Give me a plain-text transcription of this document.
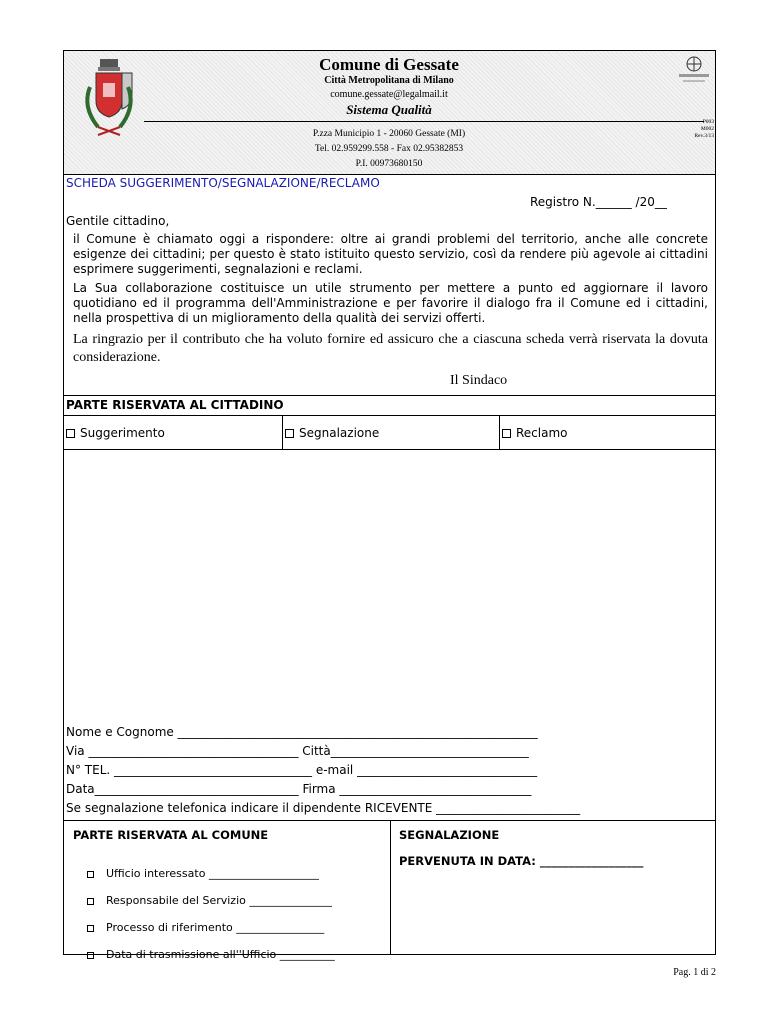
Comune di Gessate
Città Metropolitana di Milano
comune.gessate@legalmail.it
Sistema Qualità
P.zza Municipio 1 - 20060 Gessate (MI)
Tel. 02.959299.558 - Fax 02.95382853
P.I. 00973680150
P003
M002
Rev.3/13
SCHEDA SUGGERIMENTO/SEGNALAZIONE/RECLAMO
Registro N.______ /20__
Gentile cittadino,
il Comune è chiamato oggi a rispondere: oltre ai grandi problemi del territorio, anche alle concrete esigenze dei cittadini; per questo è stato istituito questo servizio, così da rendere più agevole ai cittadini esprimere suggerimenti, segnalazioni e reclami.
La Sua collaborazione costituisce un utile strumento per mettere a punto ed aggiornare il lavoro quotidiano ed il programma dell'Amministrazione e per favorire il dialogo fra il Comune ed i cittadini, nella prospettiva di un miglioramento della qualità dei servizi offerti.
La ringrazio per il contributo che ha voluto fornire ed assicuro che a ciascuna scheda verrà riservata la dovuta considerazione.
Il Sindaco
PARTE RISERVATA AL CITTADINO
Suggerimento	Segnalazione	Reclamo
Nome e Cognome ____________________________________________________________
Via ___________________________________ Città_________________________________
N° TEL. _________________________________ e-mail ______________________________
Data__________________________________ Firma ________________________________
Se segnalazione telefonica indicare il dipendente RICEVENTE ________________________
PARTE RISERVATA AL COMUNE

Ufficio interessato ____________________

Responsabile del Servizio _______________

Processo di riferimento ________________

Data di trasmissione all''Ufficio __________

SEGNALAZIONE
PERVENUTA IN DATA: __________________
Pag. 1 di 2
